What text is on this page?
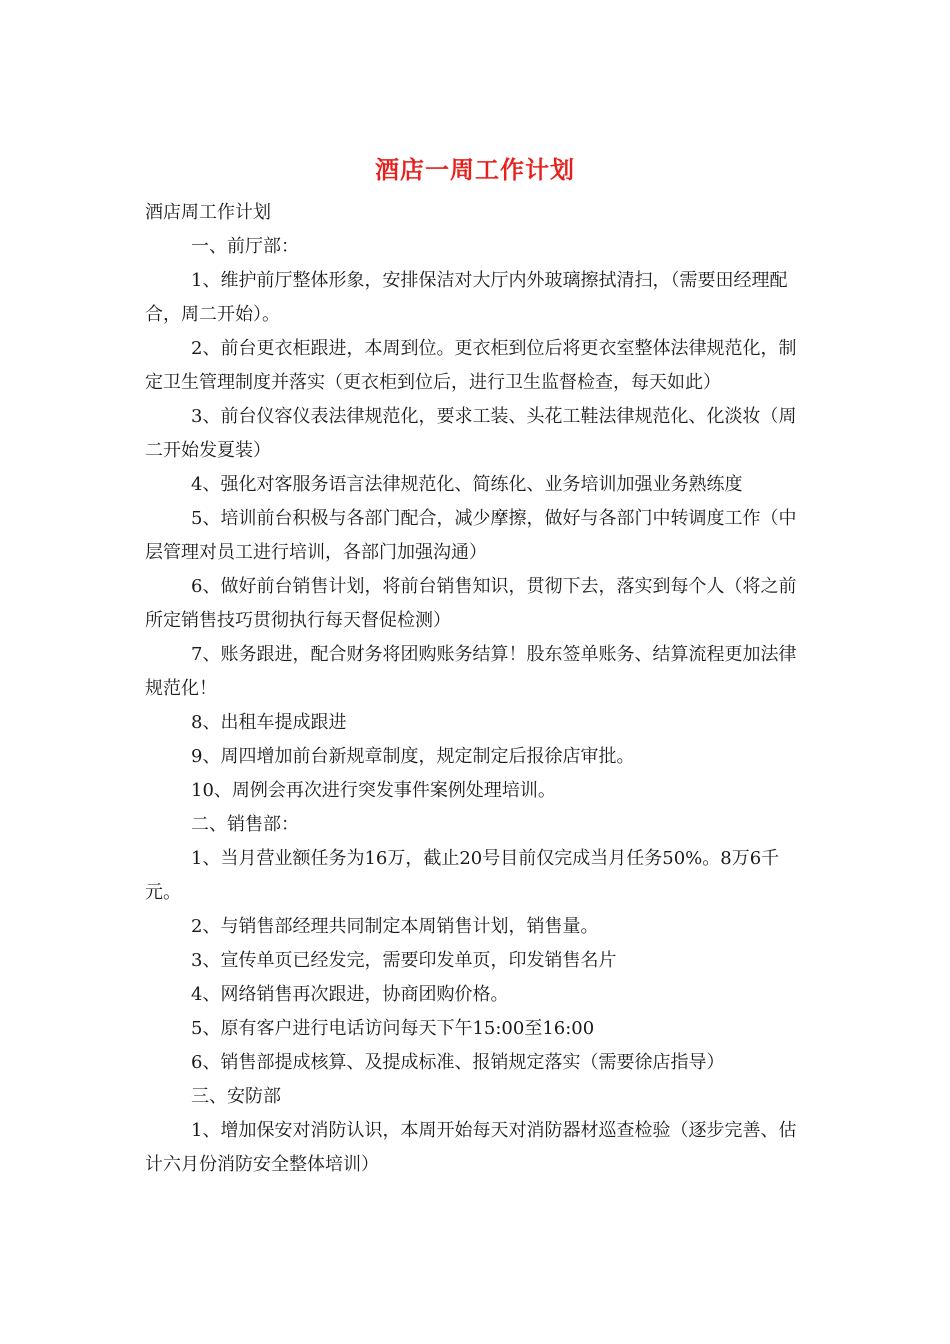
酒店一周工作计划

酒店周工作计划

一、前厅部：

1、维护前厅整体形象，安排保洁对大厅内外玻璃擦拭清扫，（需要田经理配合，周二开始）。

2、前台更衣柜跟进，本周到位。更衣柜到位后将更衣室整体法律规范化，制定卫生管理制度并落实（更衣柜到位后，进行卫生监督检查，每天如此）

3、前台仪容仪表法律规范化，要求工装、头花工鞋法律规范化、化淡妆（周二开始发夏装）

4、强化对客服务语言法律规范化、简练化、业务培训加强业务熟练度

5、培训前台积极与各部门配合，减少摩擦，做好与各部门中转调度工作（中层管理对员工进行培训，各部门加强沟通）

6、做好前台销售计划，将前台销售知识，贯彻下去，落实到每个人（将之前所定销售技巧贯彻执行每天督促检测）

7、账务跟进，配合财务将团购账务结算！股东签单账务、结算流程更加法律规范化！

8、出租车提成跟进

9、周四增加前台新规章制度，规定制定后报徐店审批。

10、周例会再次进行突发事件案例处理培训。

二、销售部：

1、当月营业额任务为16万，截止20号目前仅完成当月任务50%。8万6千元。

2、与销售部经理共同制定本周销售计划，销售量。

3、宣传单页已经发完，需要印发单页，印发销售名片

4、网络销售再次跟进，协商团购价格。

5、原有客户进行电话访问每天下午15:00至16:00

6、销售部提成核算、及提成标准、报销规定落实（需要徐店指导）

三、安防部

1、增加保安对消防认识，本周开始每天对消防器材巡查检验（逐步完善、估计六月份消防安全整体培训）
